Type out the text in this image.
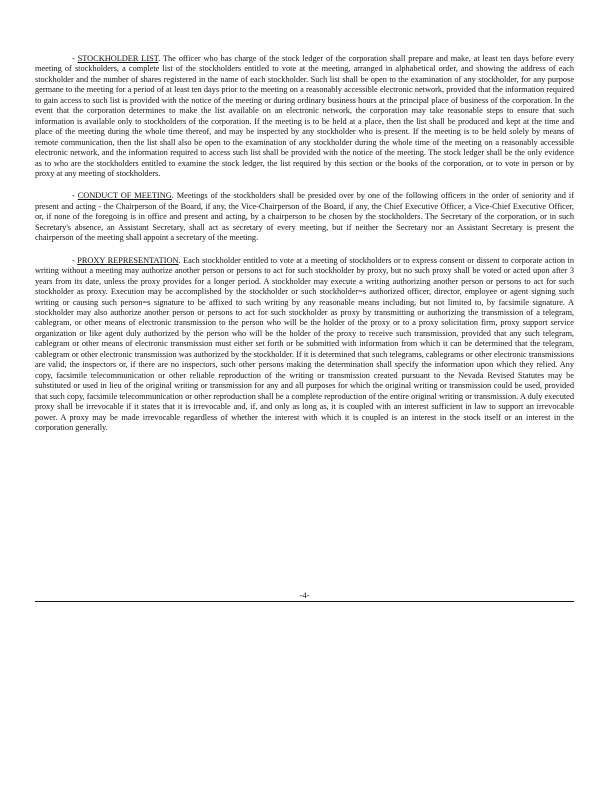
- STOCKHOLDER LIST. The officer who has charge of the stock ledger of the corporation shall prepare and make, at least ten days before every meeting of stockholders, a complete list of the stockholders entitled to vote at the meeting, arranged in alphabetical order, and showing the address of each stockholder and the number of shares registered in the name of each stockholder. Such list shall be open to the examination of any stockholder, for any purpose germane to the meeting for a period of at least ten days prior to the meeting on a reasonably accessible electronic network, provided that the information required to gain access to such list is provided with the notice of the meeting or during ordinary business hours at the principal place of business of the corporation. In the event that the corporation determines to make the list available on an electronic network, the corporation may take reasonable steps to ensure that such information is available only to stockholders of the corporation. If the meeting is to be held at a place, then the list shall be produced and kept at the time and place of the meeting during the whole time thereof, and may be inspected by any stockholder who is present. If the meeting is to be held solely by means of remote communication, then the list shall also be open to the examination of any stockholder during the whole time of the meeting on a reasonably accessible electronic network, and the information required to access such list shall be provided with the notice of the meeting. The stock ledger shall be the only evidence as to who are the stockholders entitled to examine the stock ledger, the list required by this section or the books of the corporation, or to vote in person or by proxy at any meeting of stockholders.

- CONDUCT OF MEETING. Meetings of the stockholders shall be presided over by one of the following officers in the order of seniority and if present and acting - the Chairperson of the Board, if any, the Vice-Chairperson of the Board, if any, the Chief Executive Officer, a Vice-Chief Executive Officer, or, if none of the foregoing is in office and present and acting, by a chairperson to be chosen by the stockholders. The Secretary of the corporation, or in such Secretary's absence, an Assistant Secretary, shall act as secretary of every meeting, but if neither the Secretary nor an Assistant Secretary is present the chairperson of the meeting shall appoint a secretary of the meeting.

- PROXY REPRESENTATION. Each stockholder entitled to vote at a meeting of stockholders or to express consent or dissent to corporate action in writing without a meeting may authorize another person or persons to act for such stockholder by proxy, but no such proxy shall be voted or acted upon after 3 years from its date, unless the proxy provides for a longer period. A stockholder may execute a writing authorizing another person or persons to act for such stockholder as proxy. Execution may be accomplished by the stockholder or such stockholder=s authorized officer, director, employee or agent signing such writing or causing such person=s signature to be affixed to such writing by any reasonable means including, but not limited to, by facsimile signature. A stockholder may also authorize another person or persons to act for such stockholder as proxy by transmitting or authorizing the transmission of a telegram, cablegram, or other means of electronic transmission to the person who will be the holder of the proxy or to a proxy solicitation firm, proxy support service organization or like agent duly authorized by the person who will be the holder of the proxy to receive such transmission, provided that any such telegram, cablegram or other means of electronic transmission must either set forth or be submitted with information from which it can be determined that the telegram, cablegram or other electronic transmission was authorized by the stockholder. If it is determined that such telegrams, cablegrams or other electronic transmissions are valid, the inspectors or, if there are no inspectors, such other persons making the determination shall specify the information upon which they relied. Any copy, facsimile telecommunication or other reliable reproduction of the writing or transmission created pursuant to the Nevada Revised Statutes may be substituted or used in lieu of the original writing or transmission for any and all purposes for which the original writing or transmission could be used, provided that such copy, facsimile telecommunication or other reproduction shall be a complete reproduction of the entire original writing or transmission. A duly executed proxy shall be irrevocable if it states that it is irrevocable and, if, and only as long as, it is coupled with an interest sufficient in law to support an irrevocable power. A proxy may be made irrevocable regardless of whether the interest with which it is coupled is an interest in the stock itself or an interest in the corporation generally.

-4-
